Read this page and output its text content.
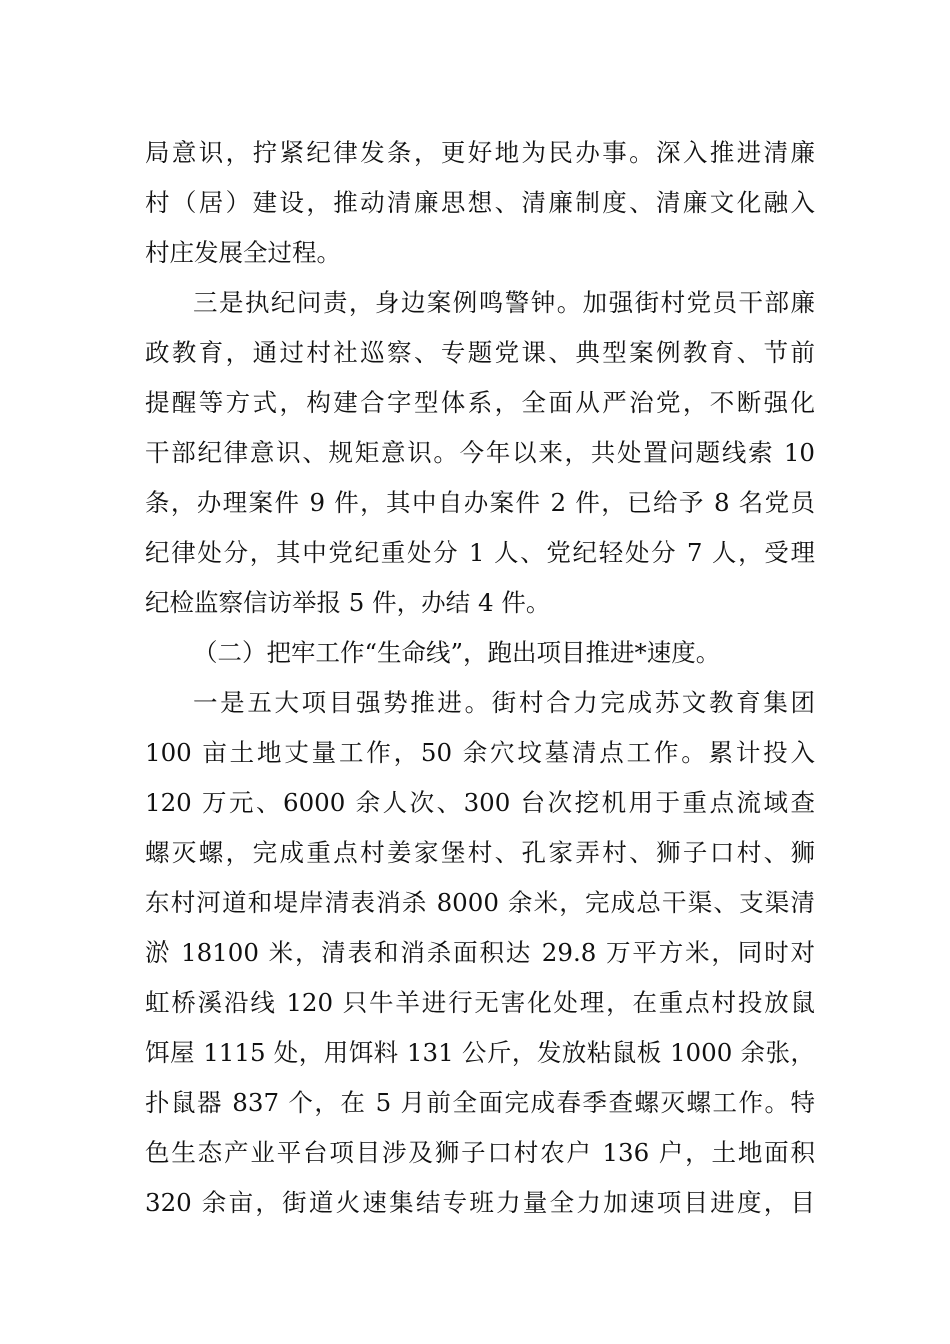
局意识，拧紧纪律发条，更好地为民办事。深入推进清廉
村（居）建设，推动清廉思想、清廉制度、清廉文化融入
村庄发展全过程。
三是执纪问责，身边案例鸣警钟。加强街村党员干部廉
政教育，通过村社巡察、专题党课、典型案例教育、节前
提醒等方式，构建合字型体系，全面从严治党，不断强化
干部纪律意识、规矩意识。今年以来，共处置问题线索 10
条，办理案件 9 件，其中自办案件 2 件，已给予 8 名党员
纪律处分，其中党纪重处分 1 人、党纪轻处分 7 人，受理
纪检监察信访举报 5 件，办结 4 件。
（二）把牢工作“生命线”，跑出项目推进*速度。
一是五大项目强势推进。街村合力完成苏文教育集团
100 亩土地丈量工作，50 余穴坟墓清点工作。累计投入
120 万元、6000 余人次、300 台次挖机用于重点流域查
螺灭螺，完成重点村姜家堡村、孔家弄村、狮子口村、狮
东村河道和堤岸清表消杀 8000 余米，完成总干渠、支渠清
淤 18100 米，清表和消杀面积达 29.8 万平方米，同时对
虹桥溪沿线 120 只牛羊进行无害化处理，在重点村投放鼠
饵屋 1115 处，用饵料 131 公斤，发放粘鼠板 1000 余张，
扑鼠器 837 个，在 5 月前全面完成春季查螺灭螺工作。特
色生态产业平台项目涉及狮子口村农户 136 户，土地面积
320 余亩，街道火速集结专班力量全力加速项目进度，目
